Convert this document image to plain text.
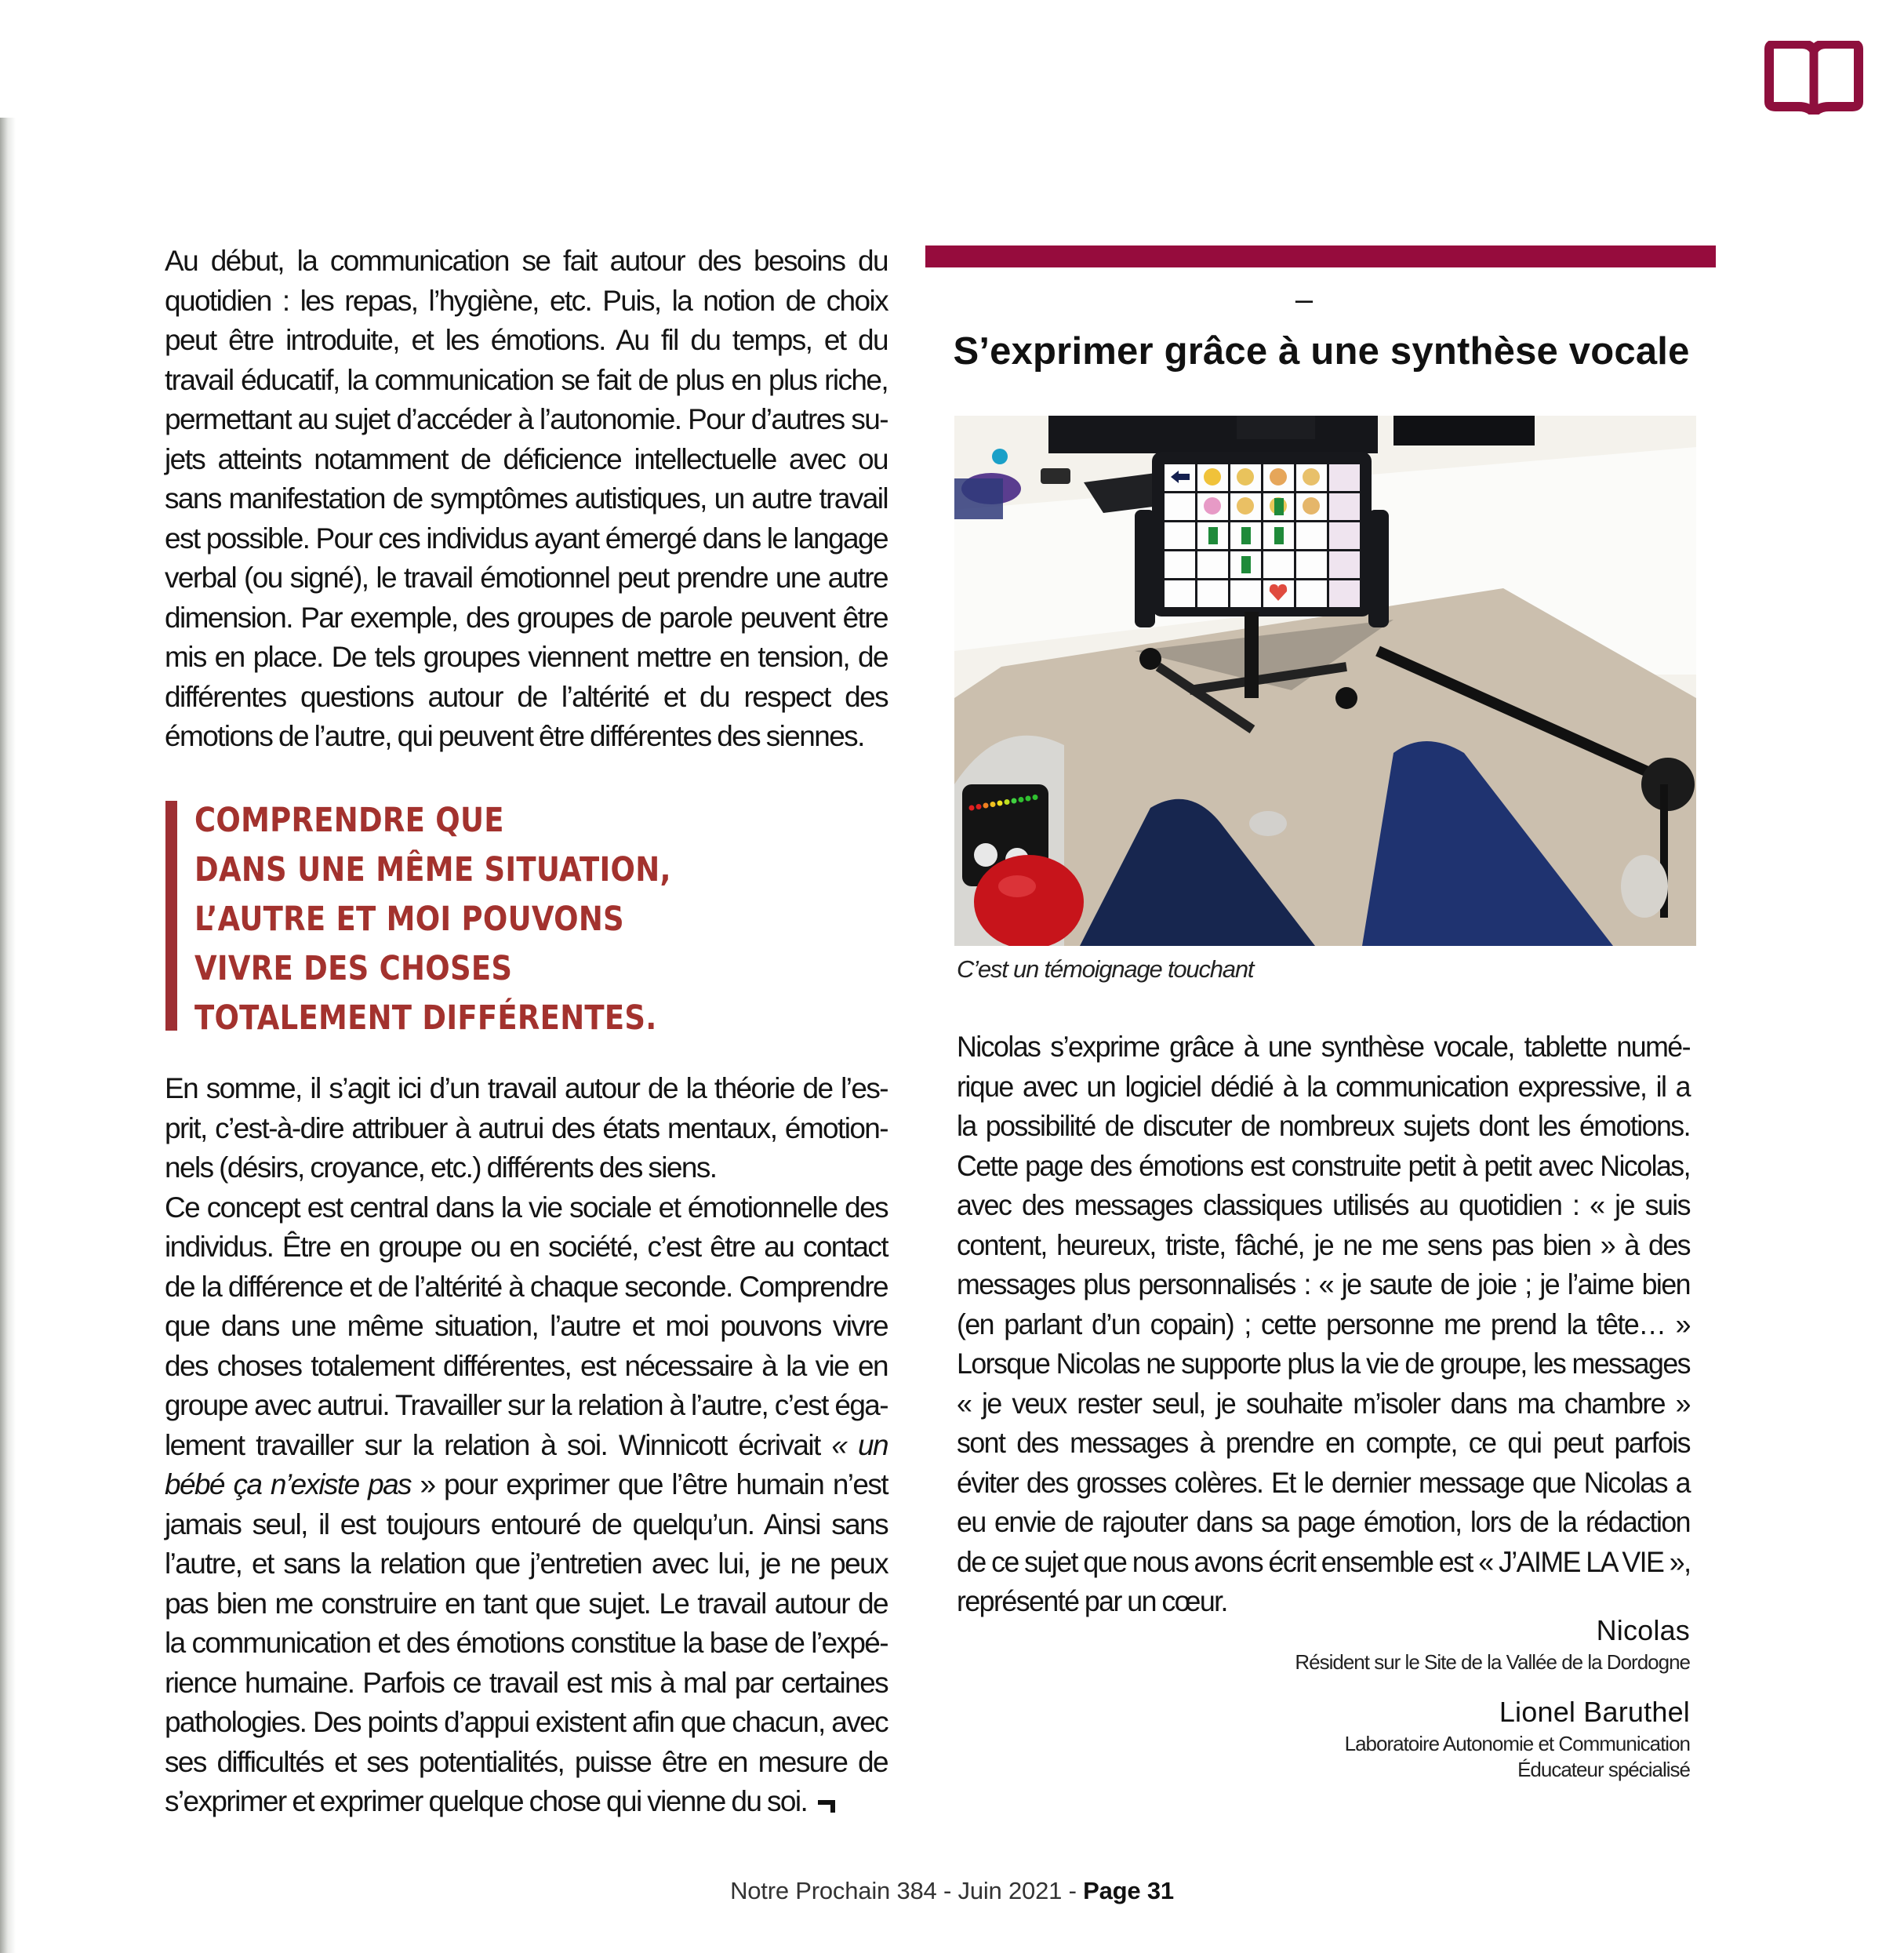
Au début, la communication se fait autour des besoins du
quotidien : les repas, l’hygiène, etc. Puis, la notion de choix
peut être introduite, et les émotions. Au fil du temps, et du
travail éducatif, la communication se fait de plus en plus riche,
permettant au sujet d’accéder à l’autonomie. Pour d’autres su-
jets atteints notamment de déficience intellectuelle avec ou
sans manifestation de symptômes autistiques, un autre travail
est possible. Pour ces individus ayant émergé dans le langage
verbal (ou signé), le travail émotionnel peut prendre une autre
dimension. Par exemple, des groupes de parole peuvent être
mis en place. De tels groupes viennent mettre en tension, de
différentes questions autour de l’altérité et du respect des
émotions de l’autre, qui peuvent être différentes des siennes.

COMPRENDRE QUE
DANS UNE MÊME SITUATION,
L’AUTRE ET MOI POUVONS
VIVRE DES CHOSES
TOTALEMENT DIFFÉRENTES.

En somme, il s’agit ici d’un travail autour de la théorie de l’es-
prit, c’est-à-dire attribuer à autrui des états mentaux, émotion-
nels (désirs, croyance, etc.) différents des siens.
Ce concept est central dans la vie sociale et émotionnelle des
individus. Être en groupe ou en société, c’est être au contact
de la différence et de l’altérité à chaque seconde. Comprendre
que dans une même situation, l’autre et moi pouvons vivre
des choses totalement différentes, est nécessaire à la vie en
groupe avec autrui. Travailler sur la relation à l’autre, c’est éga-
lement travailler sur la relation à soi. Winnicott écrivait « un
bébé ça n’existe pas » pour exprimer que l’être humain n’est
jamais seul, il est toujours entouré de quelqu’un. Ainsi sans
l’autre, et sans la relation que j’entretien avec lui, je ne peux
pas bien me construire en tant que sujet. Le travail autour de
la communication et des émotions constitue la base de l’expé-
rience humaine. Parfois ce travail est mis à mal par certaines
pathologies. Des points d’appui existent afin que chacun, avec
ses difficultés et ses potentialités, puisse être en mesure de
s’exprimer et exprimer quelque chose qui vienne du soi.

–
S’exprimer grâce à une synthèse vocale
C’est un témoignage touchant

Nicolas s’exprime grâce à une synthèse vocale, tablette numé-
rique avec un logiciel dédié à la communication expressive, il a
la possibilité de discuter de nombreux sujets dont les émotions.
Cette page des émotions est construite petit à petit avec Nicolas,
avec des messages classiques utilisés au quotidien : « je suis
content, heureux, triste, fâché, je ne me sens pas bien » à des
messages plus personnalisés : « je saute de joie ; je l’aime bien
(en parlant d’un copain) ; cette personne me prend la tête… »
Lorsque Nicolas ne supporte plus la vie de groupe, les messages
« je veux rester seul, je souhaite m’isoler dans ma chambre »
sont des messages à prendre en compte, ce qui peut parfois
éviter des grosses colères. Et le dernier message que Nicolas a
eu envie de rajouter dans sa page émotion, lors de la rédaction
de ce sujet que nous avons écrit ensemble est « J’AIME LA VIE »,
représenté par un cœur.

Nicolas
Résident sur le Site de la Vallée de la Dordogne
Lionel Baruthel
Laboratoire Autonomie et Communication
Éducateur spécialisé
Notre Prochain 384 - Juin 2021 - Page 31
